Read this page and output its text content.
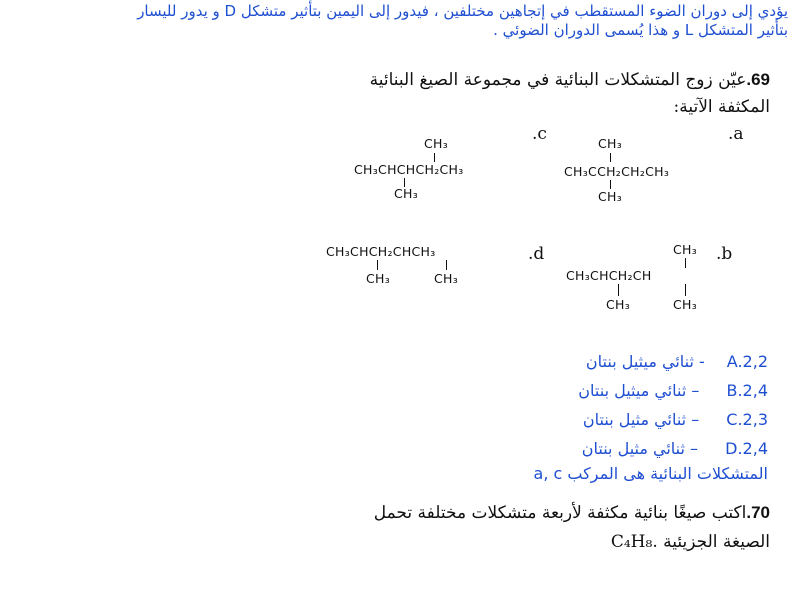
يؤدي إلى دوران الضوء المستقطب في إتجاهين مختلفين ، فيدور إلى اليمين بتأثير متشكل D و يدور لليسار
بتأثير المتشكل L و هذا يُسمى الدوران الضوئي .
69.عيّن زوج المتشكلات البنائية في مجموعة الصيغ البنائية
المكثفة الآتية:
.c
CH₃
CH₃CHCHCH₂CH₃
CH₃
.a
CH₃
CH₃CCH₂CH₂CH₃
CH₃
.d
CH₃CHCH₂CHCH₃
CH₃	CH₃
.b
CH₃
CH₃CHCH₂CH
CH₃	CH₃
A.2,2- ثنائي ميثيل بنتان
B.2,4 – ثنائي ميثيل بنتان
C.2,3 – ثنائي مثيل بنتان
D.2,4 – ثنائي مثيل بنتان
المتشكلات البنائية هى المركب a, c
70.اكتب صيغًا بنائية مكثفة لأربعة متشكلات مختلفة تحمل
الصيغة الجزيئية C₄H₈.
